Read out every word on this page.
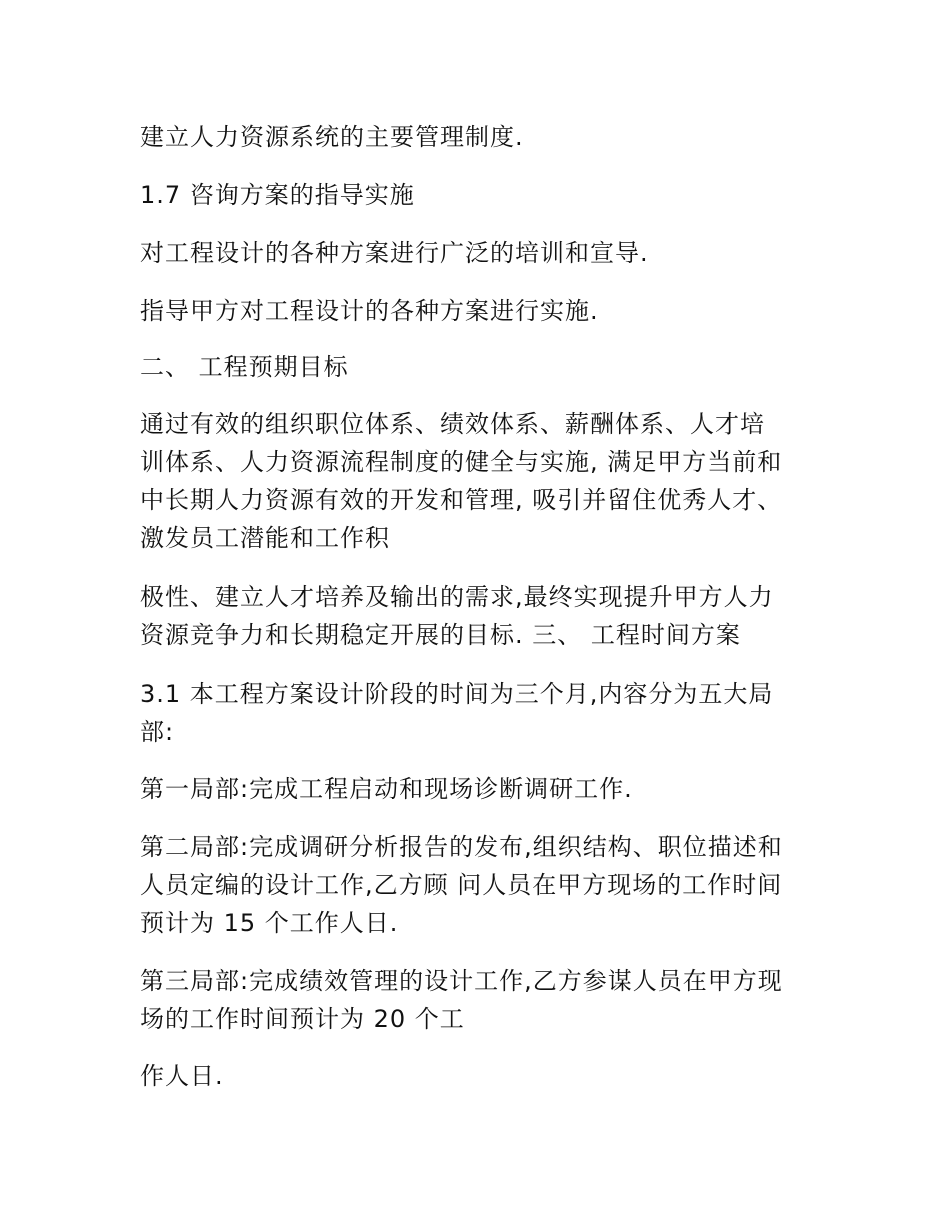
建立人力资源系统的主要管理制度.

1.7 咨询方案的指导实施

对工程设计的各种方案进行广泛的培训和宣导.

指导甲方对工程设计的各种方案进行实施.

二、 工程预期目标

通过有效的组织职位体系、绩效体系、薪酬体系、人才培
训体系、人力资源流程制度的健全与实施, 满足甲方当前和
中长期人力资源有效的开发和管理, 吸引并留住优秀人才、
激发员工潜能和工作积

极性、建立人才培养及输出的需求,最终实现提升甲方人力
资源竞争力和长期稳定开展的目标. 三、 工程时间方案

3.1 本工程方案设计阶段的时间为三个月,内容分为五大局
部:

第一局部:完成工程启动和现场诊断调研工作.

第二局部:完成调研分析报告的发布,组织结构、职位描述和
人员定编的设计工作,乙方顾 问人员在甲方现场的工作时间
预计为 15 个工作人日.

第三局部:完成绩效管理的设计工作,乙方参谋人员在甲方现
场的工作时间预计为 20 个工

作人日.
